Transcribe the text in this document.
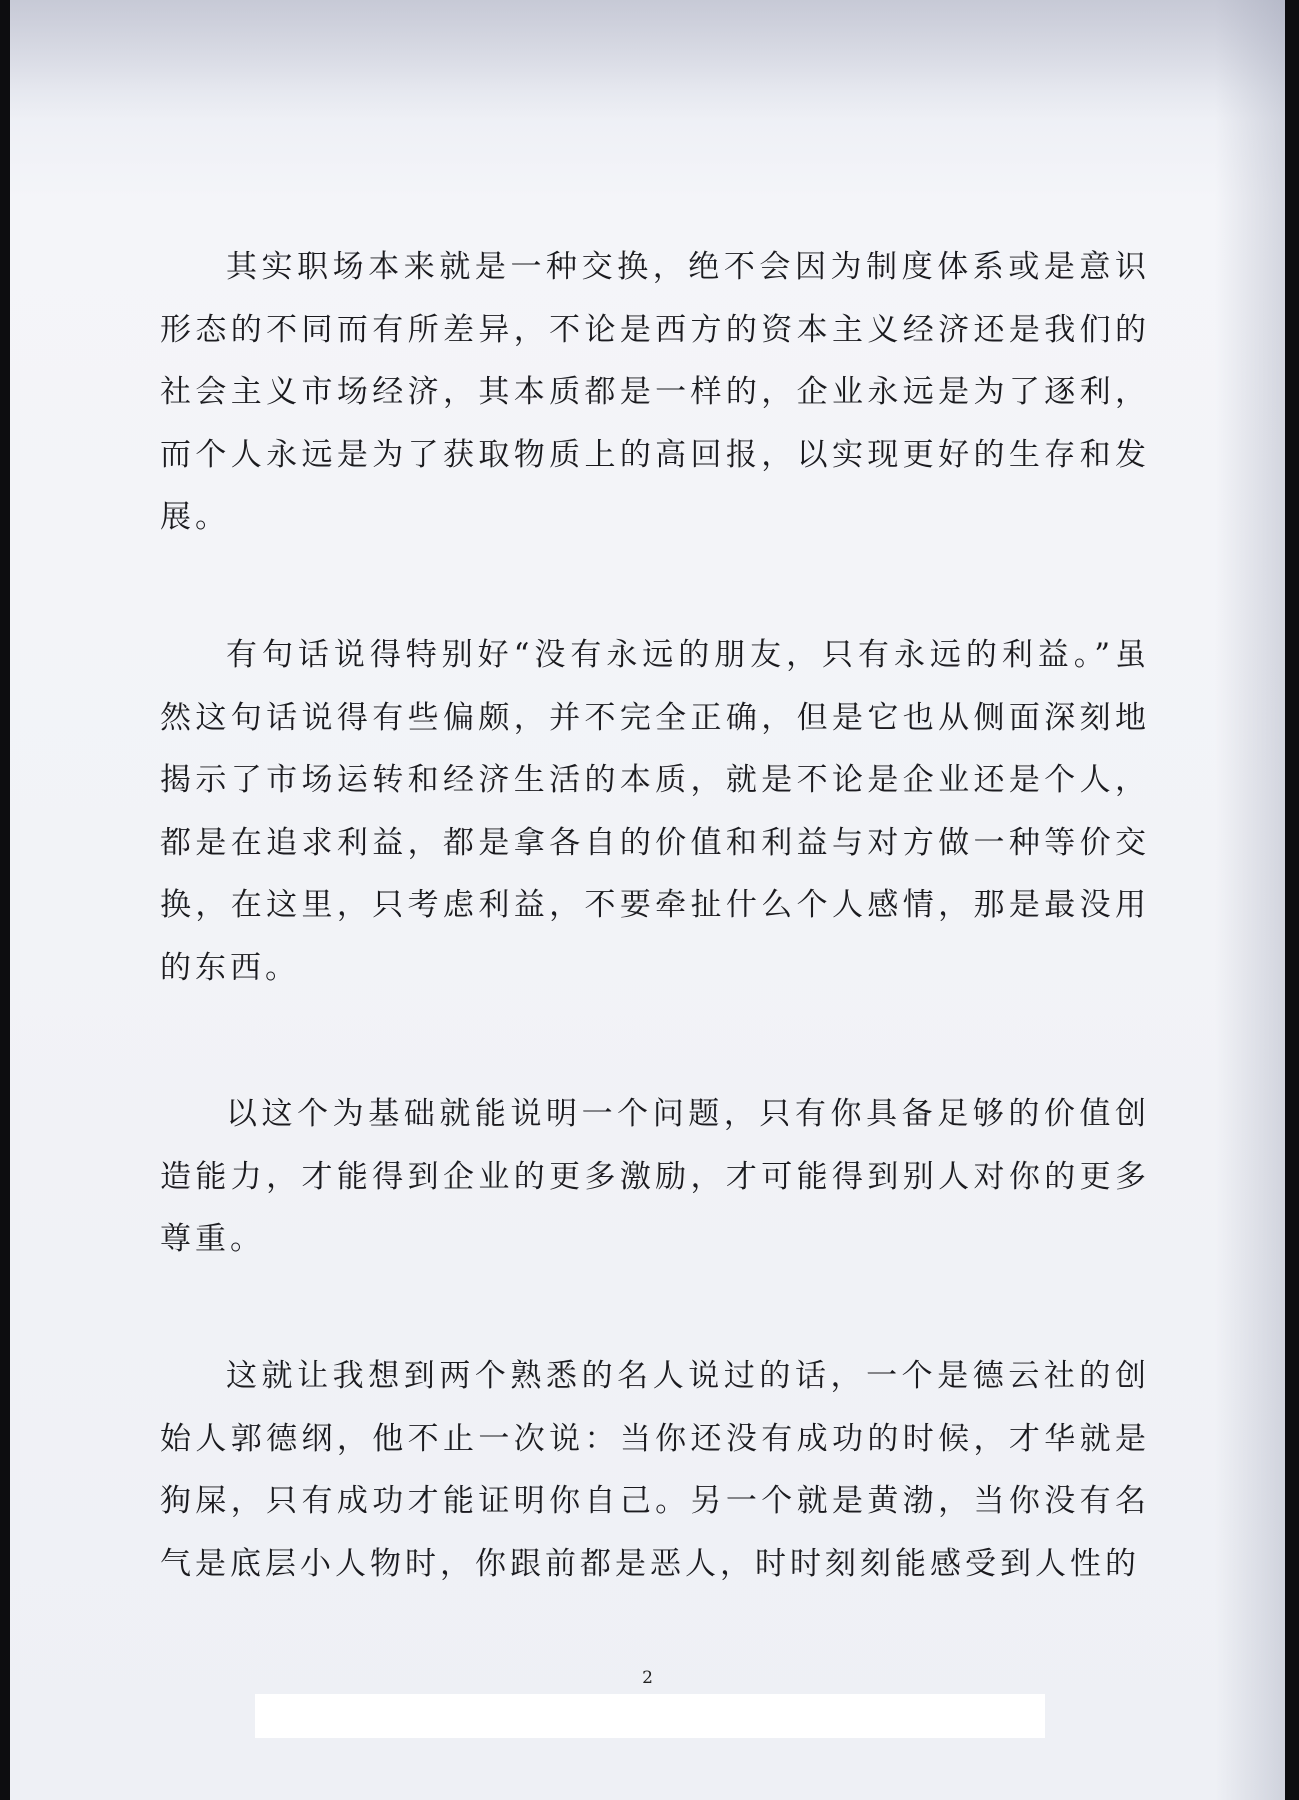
其实职场本来就是一种交换，绝不会因为制度体系或是意识形态的不同而有所差异，不论是西方的资本主义经济还是我们的社会主义市场经济，其本质都是一样的，企业永远是为了逐利，而个人永远是为了获取物质上的高回报，以实现更好的生存和发展。

有句话说得特别好“没有永远的朋友，只有永远的利益。”虽然这句话说得有些偏颇，并不完全正确，但是它也从侧面深刻地揭示了市场运转和经济生活的本质，就是不论是企业还是个人，都是在追求利益，都是拿各自的价值和利益与对方做一种等价交换，在这里，只考虑利益，不要牵扯什么个人感情，那是最没用的东西。

以这个为基础就能说明一个问题，只有你具备足够的价值创造能力，才能得到企业的更多激励，才可能得到别人对你的更多尊重。

这就让我想到两个熟悉的名人说过的话，一个是德云社的创始人郭德纲，他不止一次说：当你还没有成功的时候，才华就是狗屎，只有成功才能证明你自己。另一个就是黄渤，当你没有名气是底层小人物时，你跟前都是恶人，时时刻刻能感受到人性的

2
